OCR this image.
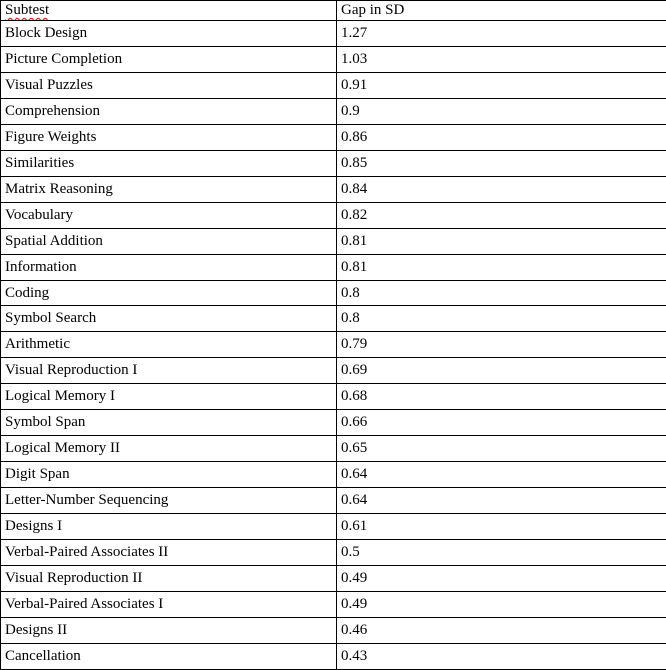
Subtest	Gap in SD
Block Design	1.27
Picture Completion	1.03
Visual Puzzles	0.91
Comprehension	0.9
Figure Weights	0.86
Similarities	0.85
Matrix Reasoning	0.84
Vocabulary	0.82
Spatial Addition	0.81
Information	0.81
Coding	0.8
Symbol Search	0.8
Arithmetic	0.79
Visual Reproduction I	0.69
Logical Memory I	0.68
Symbol Span	0.66
Logical Memory II	0.65
Digit Span	0.64
Letter-Number Sequencing	0.64
Designs I	0.61
Verbal-Paired Associates II	0.5
Visual Reproduction II	0.49
Verbal-Paired Associates I	0.49
Designs II	0.46
Cancellation	0.43
